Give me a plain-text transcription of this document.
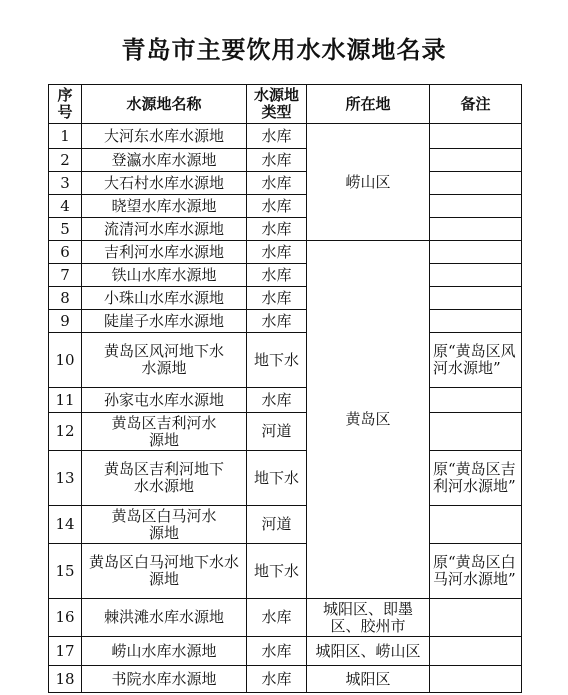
青岛市主要饮用水水源地名录
序号	水源地名称	水源地类型	所在地	备注
1	大河东水库水源地	水库	崂山区	
2	登瀛水库水源地	水库		
3	大石村水库水源地	水库		
4	晓望水库水源地	水库		
5	流清河水库水源地	水库		
6	吉利河水库水源地	水库	黄岛区	
7	铁山水库水源地	水库		
8	小珠山水库水源地	水库		
9	陡崖子水库水源地	水库		
10	黄岛区风河地下水水源地	地下水		原“黄岛区风河水源地”
11	孙家屯水库水源地	水库		
12	黄岛区吉利河水源地	河道		
13	黄岛区吉利河地下水水源地	地下水		原“黄岛区吉利河水源地”
14	黄岛区白马河水源地	河道		
15	黄岛区白马河地下水水源地	地下水		原“黄岛区白马河水源地”
16	棘洪滩水库水源地	水库	城阳区、即墨区、胶州市	
17	崂山水库水源地	水库	城阳区、崂山区	
18	书院水库水源地	水库	城阳区	
